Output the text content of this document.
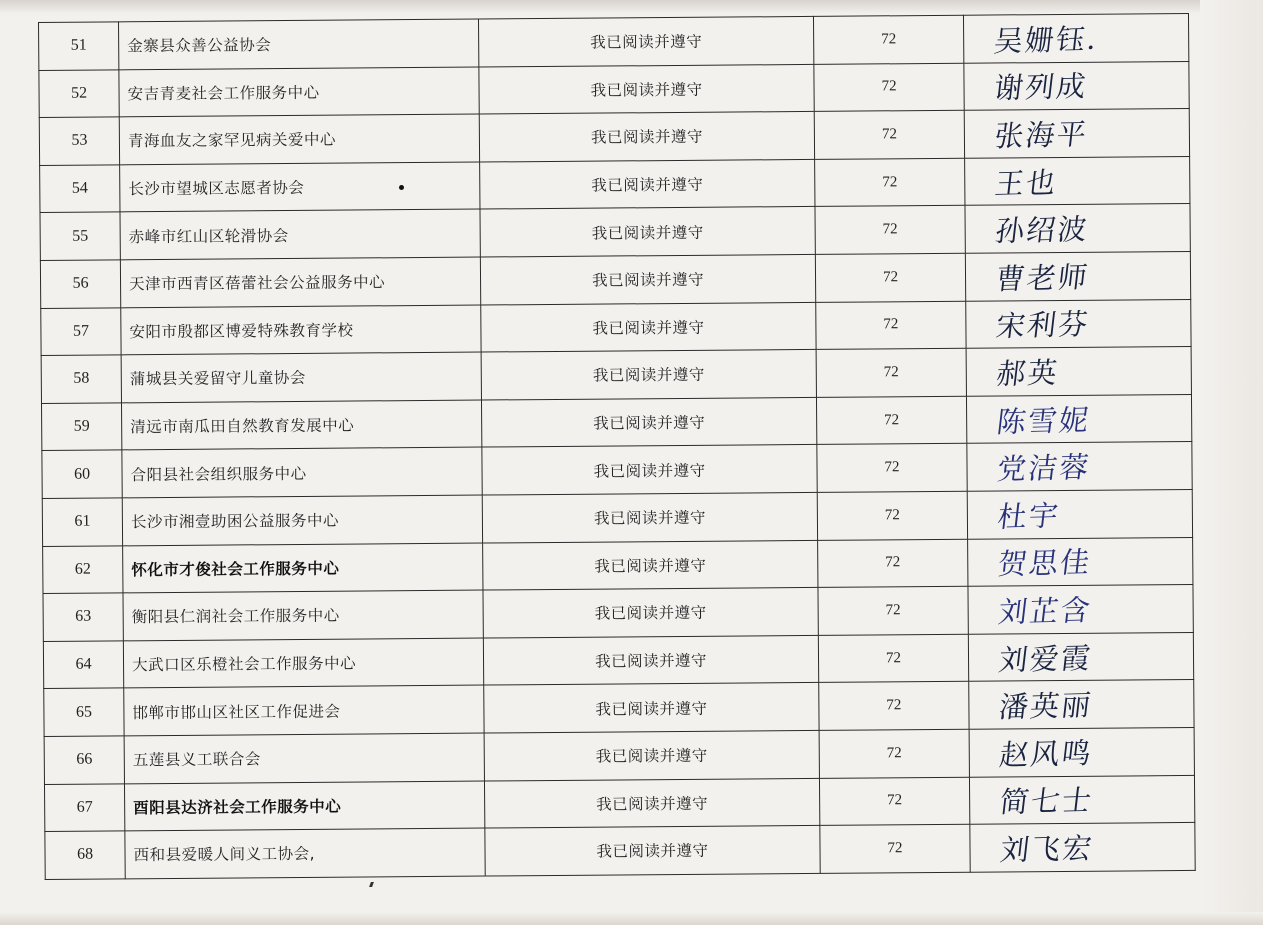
51	金寨县众善公益协会	我已阅读并遵守	72	吴姗钰.
52	安吉青麦社会工作服务中心	我已阅读并遵守	72	谢列成
53	青海血友之家罕见病关爱中心	我已阅读并遵守	72	张海平
54	长沙市望城区志愿者协会	我已阅读并遵守	72	王也
55	赤峰市红山区轮滑协会	我已阅读并遵守	72	孙绍波
56	天津市西青区蓓蕾社会公益服务中心	我已阅读并遵守	72	曹老师
57	安阳市殷都区博爱特殊教育学校	我已阅读并遵守	72	宋利芬
58	蒲城县关爱留守儿童协会	我已阅读并遵守	72	郝英
59	清远市南瓜田自然教育发展中心	我已阅读并遵守	72	陈雪妮
60	合阳县社会组织服务中心	我已阅读并遵守	72	党洁蓉
61	长沙市湘壹助困公益服务中心	我已阅读并遵守	72	杜宇
62	怀化市才俊社会工作服务中心	我已阅读并遵守	72	贺思佳
63	衡阳县仁润社会工作服务中心	我已阅读并遵守	72	刘芷含
64	大武口区乐橙社会工作服务中心	我已阅读并遵守	72	刘爱霞
65	邯郸市邯山区社区工作促进会	我已阅读并遵守	72	潘英丽
66	五莲县义工联合会	我已阅读并遵守	72	赵风鸣
67	酉阳县达济社会工作服务中心	我已阅读并遵守	72	简七士
68	西和县爱暖人间义工协会,	我已阅读并遵守	72	刘飞宏
